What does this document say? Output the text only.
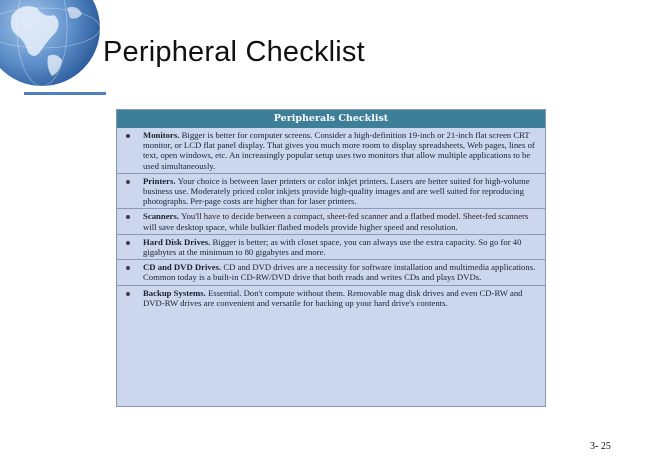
Peripheral Checklist
Peripherals Checklist
Monitors. Bigger is better for computer screens. Consider a high-definition 19-inch or 21-inch flat screen CRT monitor, or LCD flat panel display. That gives you much more room to display spreadsheets, Web pages, lines of text, open windows, etc. An increasingly popular setup uses two monitors that allow multiple applications to be used simultaneously.
Printers. Your choice is between laser printers or color inkjet printers. Lasers are better suited for high-volume business use. Moderately priced color inkjets provide high-quality images and are well suited for reproducing photographs. Per-page costs are higher than for laser printers.
Scanners. You'll have to decide between a compact, sheet-fed scanner and a flatbed model. Sheet-fed scanners will save desktop space, while bulkier flatbed models provide higher speed and resolution.
Hard Disk Drives. Bigger is better; as with closet space, you can always use the extra capacity. So go for 40 gigabytes at the minimum to 80 gigabytes and more.
CD and DVD Drives. CD and DVD drives are a necessity for software installation and multimedia applications. Common today is a built-in CD-RW/DVD drive that both reads and writes CDs and plays DVDs.
Backup Systems. Essential. Don't compute without them. Removable mag disk drives and even CD-RW and DVD-RW drives are convenient and versatile for backing up your hard drive's contents.
3- 25
